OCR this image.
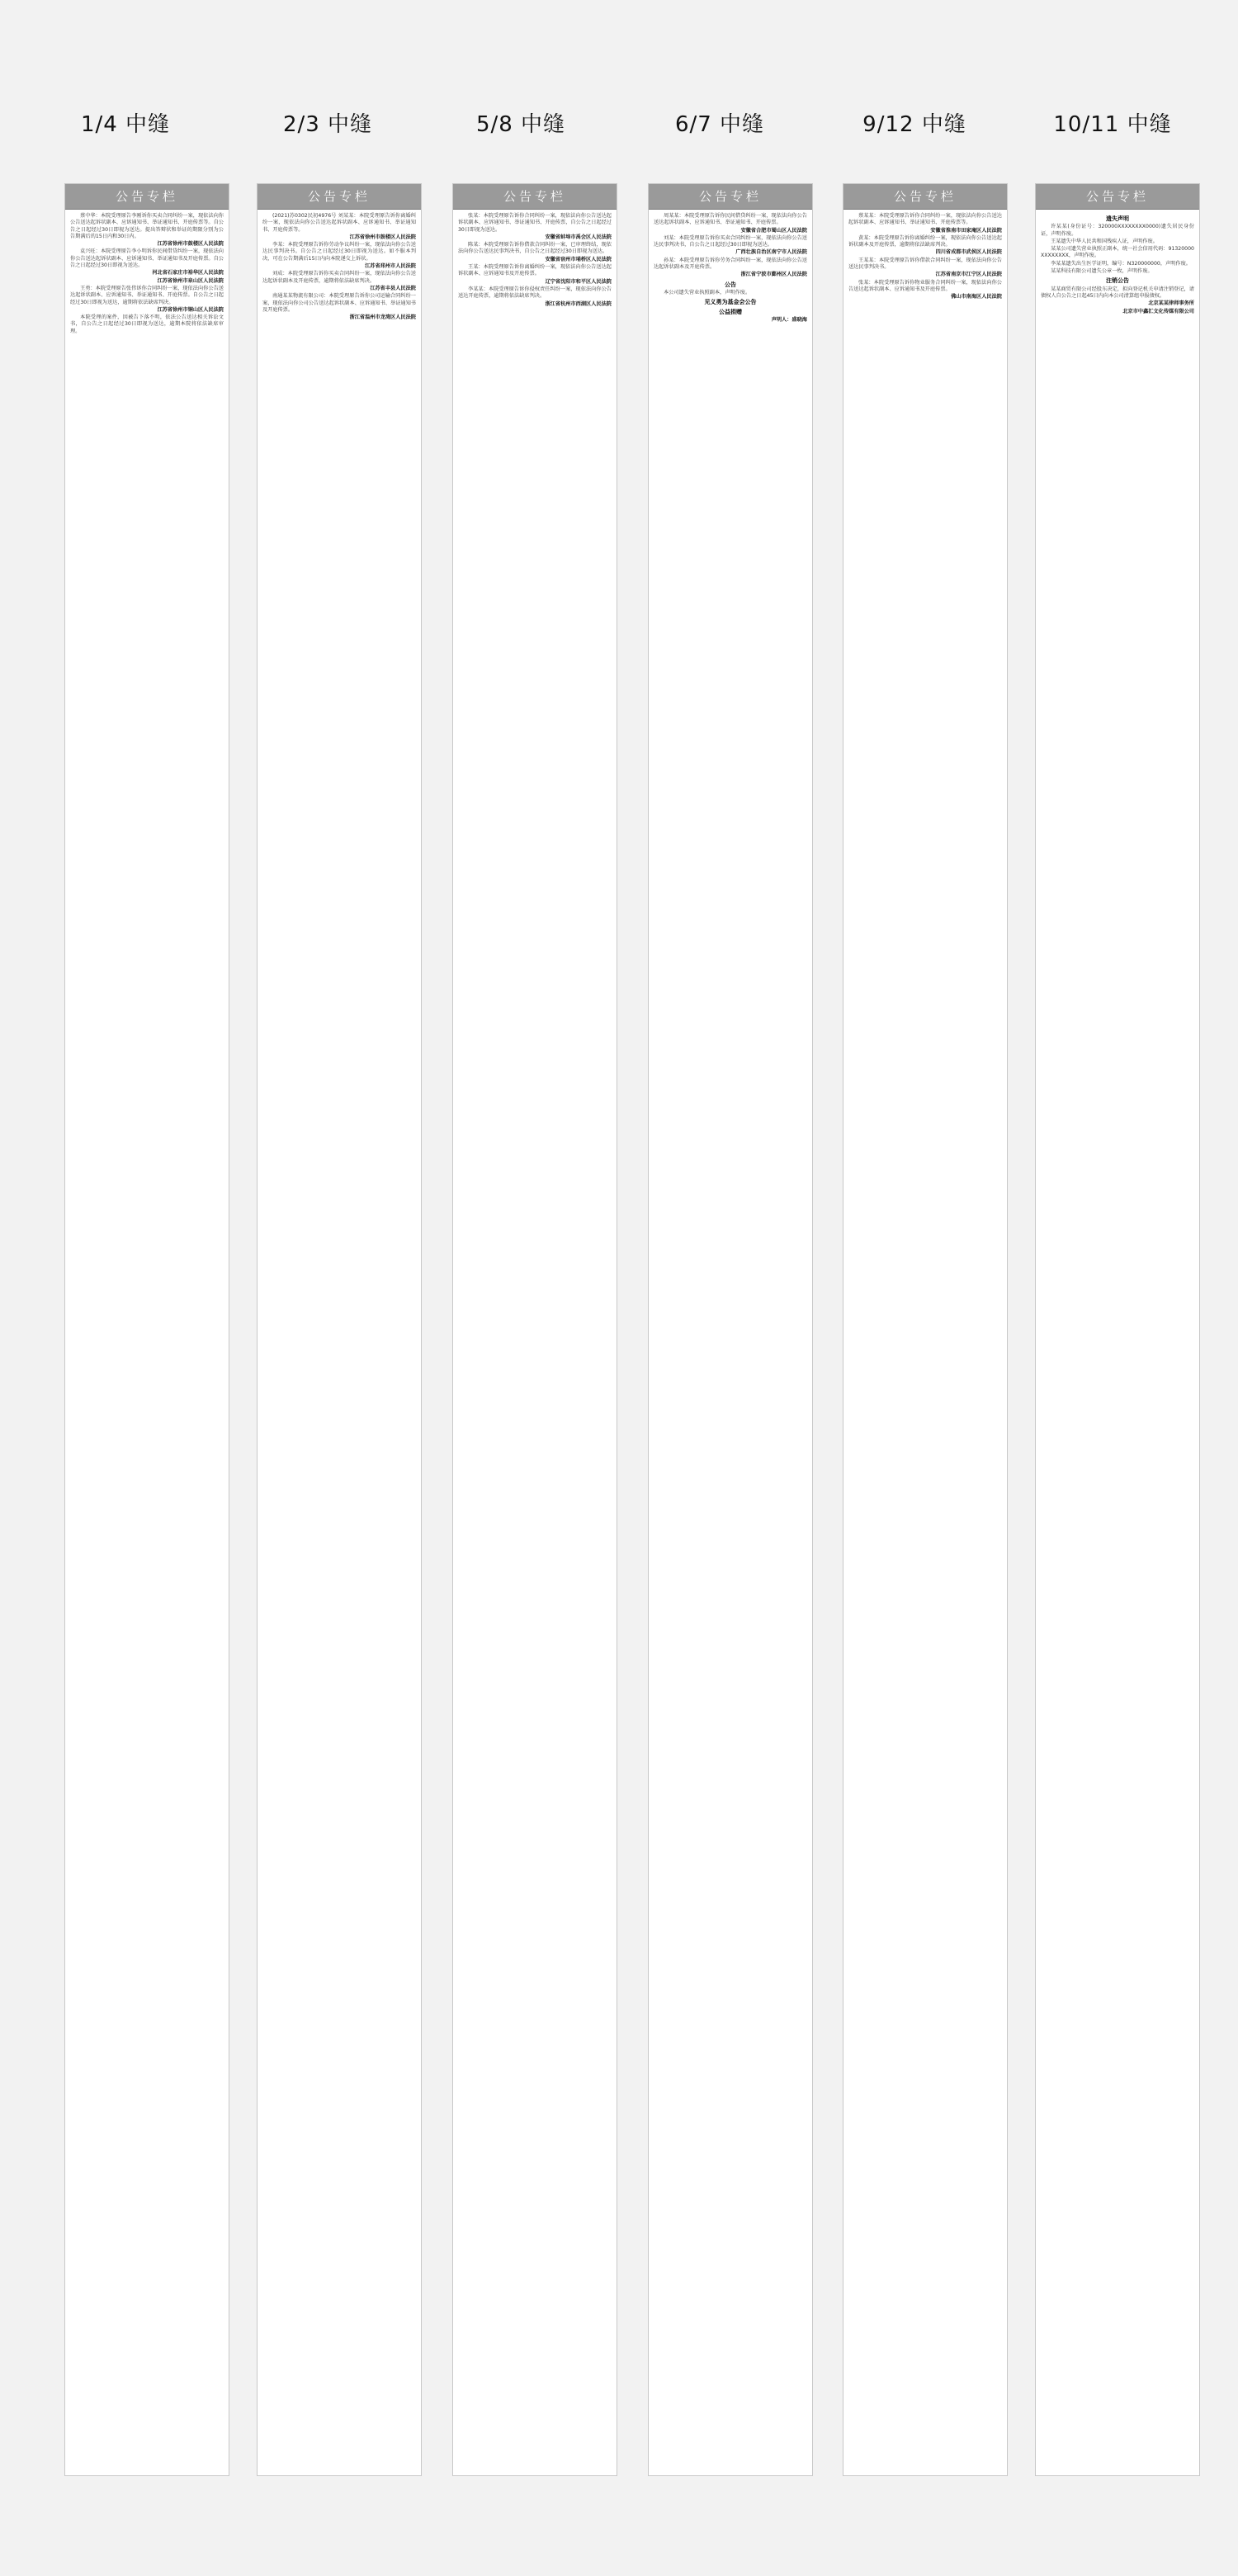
1/4 中缝
公告专栏

蔡中华：本院受理原告李刚诉你买卖合同纠纷一案，现依法向你公告送达起诉状副本、应诉通知书、举证通知书、开庭传票等。自公告之日起经过30日即视为送达。提出答辩状和举证的期限分别为公告期满后的15日内和30日内。

江苏省徐州市鼓楼区人民法院

袁兴旺：本院受理原告李小明诉你民间借贷纠纷一案，现依法向你公告送达起诉状副本、应诉通知书、举证通知书及开庭传票。自公告之日起经过30日即视为送达。

河北省石家庄市裕华区人民法院

江苏省徐州市泉山区人民法院

王勇：本院受理原告张伟诉你合同纠纷一案，现依法向你公告送达起诉状副本、应诉通知书、举证通知书、开庭传票。自公告之日起经过30日即视为送达，逾期将依法缺席判决。

江苏省徐州市铜山区人民法院

本院受理的案件，因被告下落不明，依法公告送达相关诉讼文书，自公告之日起经过30日即视为送达，逾期本院将依法缺席审理。

2/3 中缝
公告专栏

(2021)苏0302民初4976号 刘某某：本院受理原告诉你离婚纠纷一案，现依法向你公告送达起诉状副本、应诉通知书、举证通知书、开庭传票等。

江苏省徐州市鼓楼区人民法院

李某：本院受理原告诉你劳动争议纠纷一案，现依法向你公告送达民事判决书。自公告之日起经过30日即视为送达。如不服本判决，可在公告期满后15日内向本院递交上诉状。

江苏省邳州市人民法院

刘成：本院受理原告诉你买卖合同纠纷一案，现依法向你公告送达起诉状副本及开庭传票，逾期将依法缺席判决。

江苏省丰县人民法院

南通某某物流有限公司：本院受理原告诉你公司运输合同纠纷一案，现依法向你公司公告送达起诉状副本、应诉通知书、举证通知书及开庭传票。

浙江省温州市龙湾区人民法院

5/8 中缝
公告专栏

张某：本院受理原告诉你合同纠纷一案，现依法向你公告送达起诉状副本、应诉通知书、举证通知书、开庭传票，自公告之日起经过30日即视为送达。

安徽省蚌埠市禹会区人民法院

陈某：本院受理原告诉你借款合同纠纷一案，已审理终结，现依法向你公告送达民事判决书，自公告之日起经过30日即视为送达。

安徽省宿州市埇桥区人民法院

王某：本院受理原告诉你离婚纠纷一案，现依法向你公告送达起诉状副本、应诉通知书及开庭传票。

辽宁省沈阳市和平区人民法院

李某某：本院受理原告诉你侵权责任纠纷一案，现依法向你公告送达开庭传票，逾期将依法缺席判决。

浙江省杭州市西湖区人民法院

6/7 中缝
公告专栏

周某某：本院受理原告诉你民间借贷纠纷一案，现依法向你公告送达起诉状副本、应诉通知书、举证通知书、开庭传票。

安徽省合肥市蜀山区人民法院

刘某：本院受理原告诉你买卖合同纠纷一案，现依法向你公告送达民事判决书，自公告之日起经过30日即视为送达。

广西壮族自治区南宁市人民法院

孙某：本院受理原告诉你劳务合同纠纷一案，现依法向你公告送达起诉状副本及开庭传票。

浙江省宁波市鄞州区人民法院

公告

本公司遗失营业执照副本，声明作废。

见义勇为基金会公告

公益捐赠

声明人：盛晓海

9/12 中缝
公告专栏

蔡某某：本院受理原告诉你合同纠纷一案，现依法向你公告送达起诉状副本、应诉通知书、举证通知书、开庭传票等。

安徽省淮南市田家庵区人民法院

黄某：本院受理原告诉你离婚纠纷一案，现依法向你公告送达起诉状副本及开庭传票，逾期将依法缺席判决。

四川省成都市武侯区人民法院

王某某：本院受理原告诉你借款合同纠纷一案，现依法向你公告送达民事判决书。

江苏省南京市江宁区人民法院

张某：本院受理原告诉你物业服务合同纠纷一案，现依法向你公告送达起诉状副本、应诉通知书及开庭传票。

佛山市南海区人民法院

10/11 中缝
公告专栏

遗失声明

许某某(身份证号：320000XXXXXXXX0000)遗失居民身份证，声明作废。

王某遗失中华人民共和国残疾人证，声明作废。

某某公司遗失营业执照正副本，统一社会信用代码：91320000XXXXXXXX，声明作废。

李某某遗失出生医学证明，编号：N320000000，声明作废。

某某科技有限公司遗失公章一枚，声明作废。

注销公告

某某商贸有限公司经股东决定，拟向登记机关申请注销登记，请债权人自公告之日起45日内向本公司清算组申报债权。

北京某某律师事务所

北京市中鑫汇文化传媒有限公司
